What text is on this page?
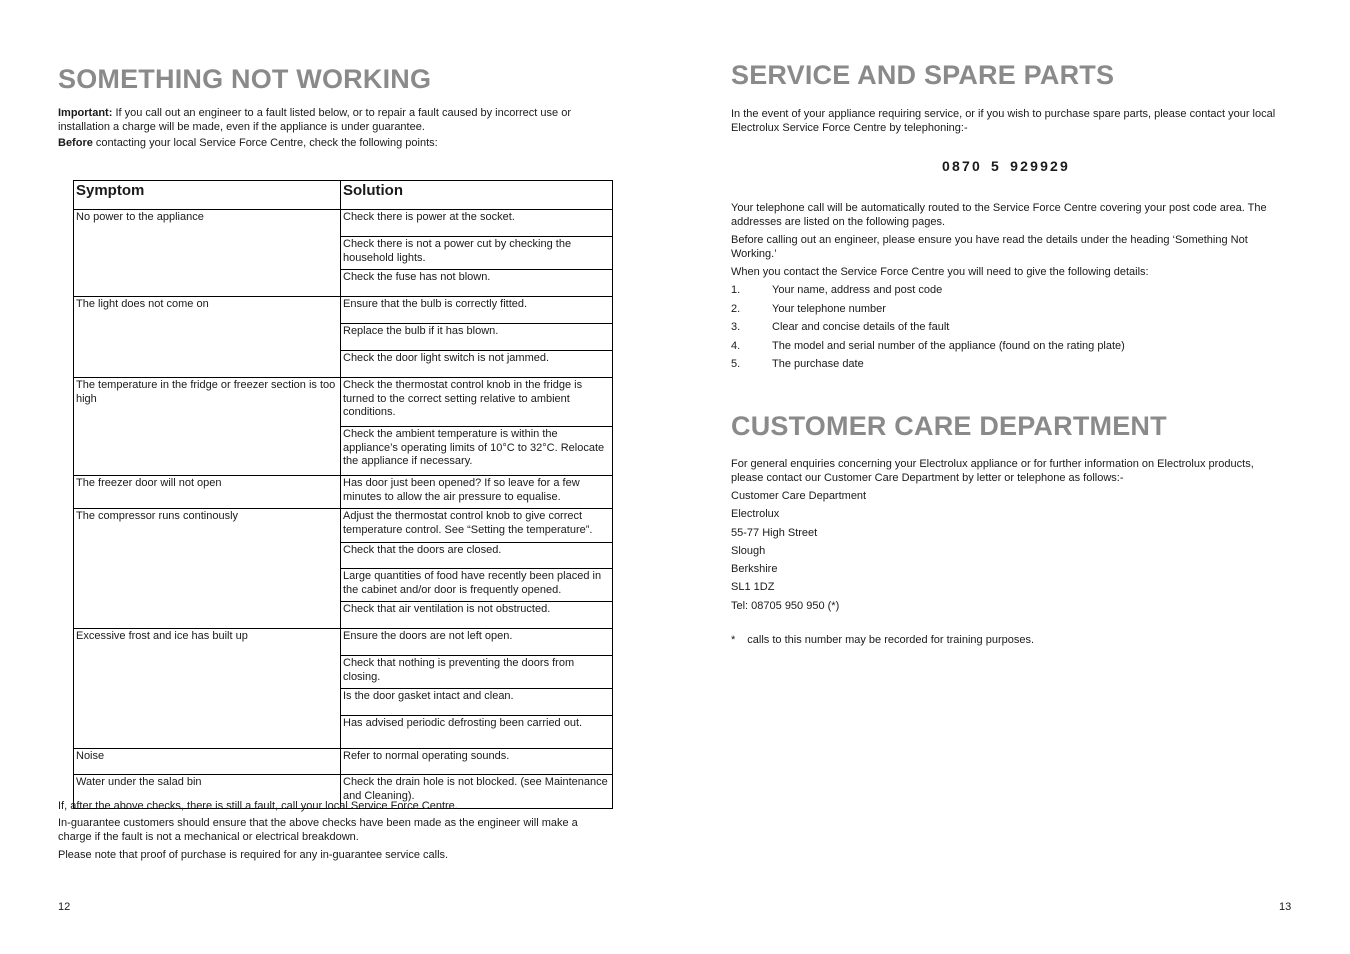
SOMETHING NOT WORKING

Important: If you call out an engineer to a fault listed below, or to repair a fault caused by incorrect use or installation a charge will be made, even if the appliance is under guarantee.

Before contacting your local Service Force Centre, check the following points:

Symptom	Solution
No power to the appliance	Check there is power at the socket.
	Check there is not a power cut by checking the household lights.
	Check the fuse has not blown.
The light does not come on	Ensure that the bulb is correctly fitted.
	Replace the bulb if it has blown.
	Check the door light switch is not jammed.
The temperature in the fridge or freezer section is too high	Check the thermostat control knob in the fridge is turned to the correct setting relative to ambient conditions.
	Check the ambient temperature is within the appliance’s operating limits of 10°C to 32°C. Relocate the appliance if necessary.
The freezer door will not open	Has door just been opened? If so leave for a few minutes to allow the air pressure to equalise.
The compressor runs continously	Adjust the thermostat control knob to give correct temperature control. See “Setting the temperature”.
	Check that the doors are closed.
	Large quantities of food have recently been placed in the cabinet and/or door is frequently opened.
	Check that air ventilation is not obstructed.
Excessive frost and ice has built up	Ensure the doors are not left open.
	Check that nothing is preventing the doors from closing.
	Is the door gasket intact and clean.
	Has advised periodic defrosting been carried out.
Noise	Refer to normal operating sounds.
Water under the salad bin	Check the drain hole is not blocked. (see Maintenance and Cleaning).

If, after the above checks, there is still a fault, call your local Service Force Centre.

In-guarantee customers should ensure that the above checks have been made as the engineer will make a charge if the fault is not a mechanical or electrical breakdown.

Please note that proof of purchase is required for any in-guarantee service calls.

12
SERVICE AND SPARE PARTS

In the event of your appliance requiring service, or if you wish to purchase spare parts, please contact your local Electrolux Service Force Centre by telephoning:-

0870 5 929929

Your telephone call will be automatically routed to the Service Force Centre covering your post code area. The addresses are listed on the following pages.

Before calling out an engineer, please ensure you have read the details under the heading ‘Something Not Working.’

When you contact the Service Force Centre you will need to give the following details:

1.	Your name, address and post code
2.	Your telephone number
3.	Clear and concise details of the fault
4.	The model and serial number of the appliance (found on the rating plate)
5.	The purchase date
CUSTOMER CARE DEPARTMENT

For general enquiries concerning your Electrolux appliance or for further information on Electrolux products, please contact our Customer Care Department by letter or telephone as follows:-

Customer Care Department
Electrolux
55-77 High Street
Slough
Berkshire
SL1 1DZ
Tel: 08705 950 950 (*)

* calls to this number may be recorded for training purposes.

13
